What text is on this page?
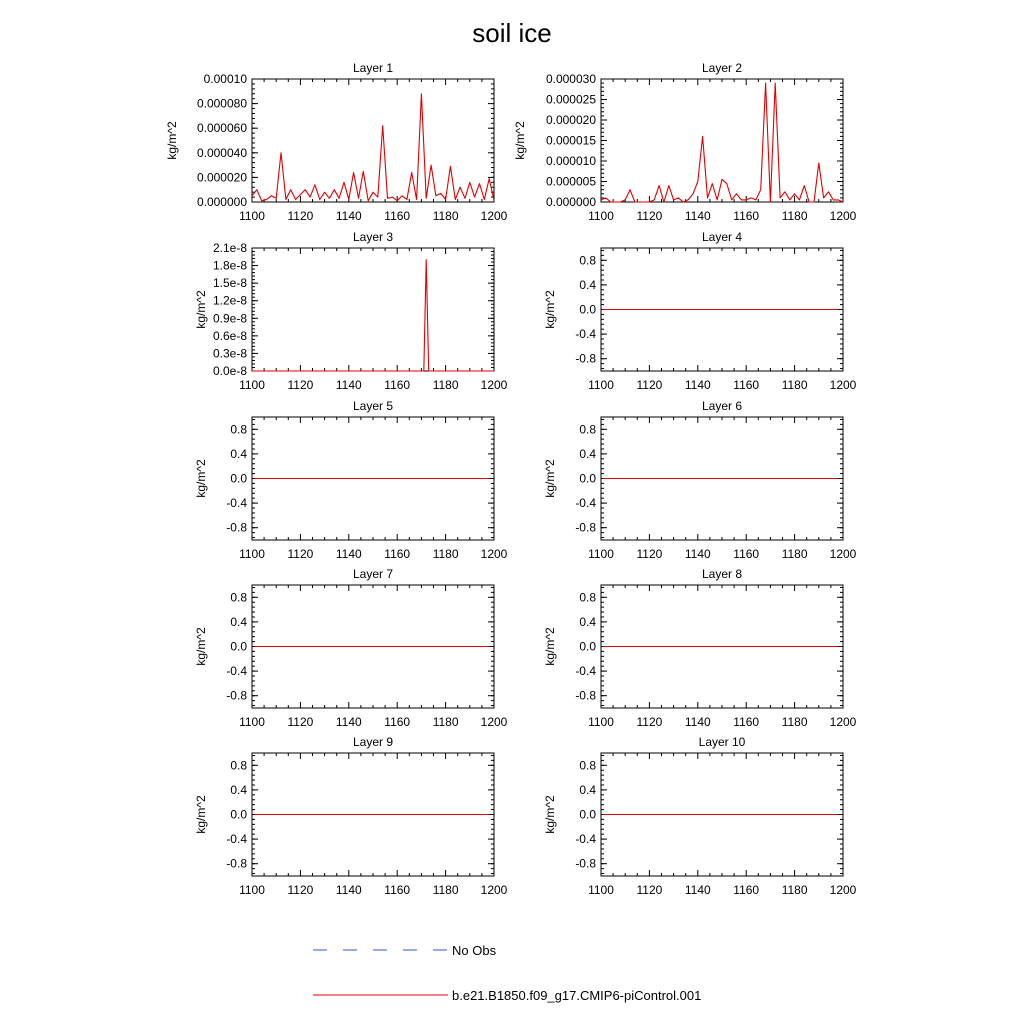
soil ice
Layer 1
1100 1120 1140 1160 1180 1200
0.000000
0.000020
0.000040
0.000060
0.000080
0.00010
kg/m^2
Layer 2
1100 1120 1140 1160 1180 1200
0.000000
0.000005
0.000010
0.000015
0.000020
0.000025
0.000030
kg/m^2
Layer 3
1100 1120 1140 1160 1180 1200
0.0e-8
0.3e-8
0.6e-8
0.9e-8
1.2e-8
1.5e-8
1.8e-8
2.1e-8
kg/m^2
Layer 4
1100 1120 1140 1160 1180 1200
-0.8
-0.4
0.0
0.4
0.8
kg/m^2
Layer 5
1100 1120 1140 1160 1180 1200
-0.8
-0.4
0.0
0.4
0.8
kg/m^2
Layer 6
1100 1120 1140 1160 1180 1200
-0.8
-0.4
0.0
0.4
0.8
kg/m^2
Layer 7
1100 1120 1140 1160 1180 1200
-0.8
-0.4
0.0
0.4
0.8
kg/m^2
Layer 8
1100 1120 1140 1160 1180 1200
-0.8
-0.4
0.0
0.4
0.8
kg/m^2
Layer 9
1100 1120 1140 1160 1180 1200
-0.8
-0.4
0.0
0.4
0.8
kg/m^2
Layer 10
1100 1120 1140 1160 1180 1200
-0.8
-0.4
0.0
0.4
0.8
kg/m^2
No Obs
b.e21.B1850.f09_g17.CMIP6-piControl.001
